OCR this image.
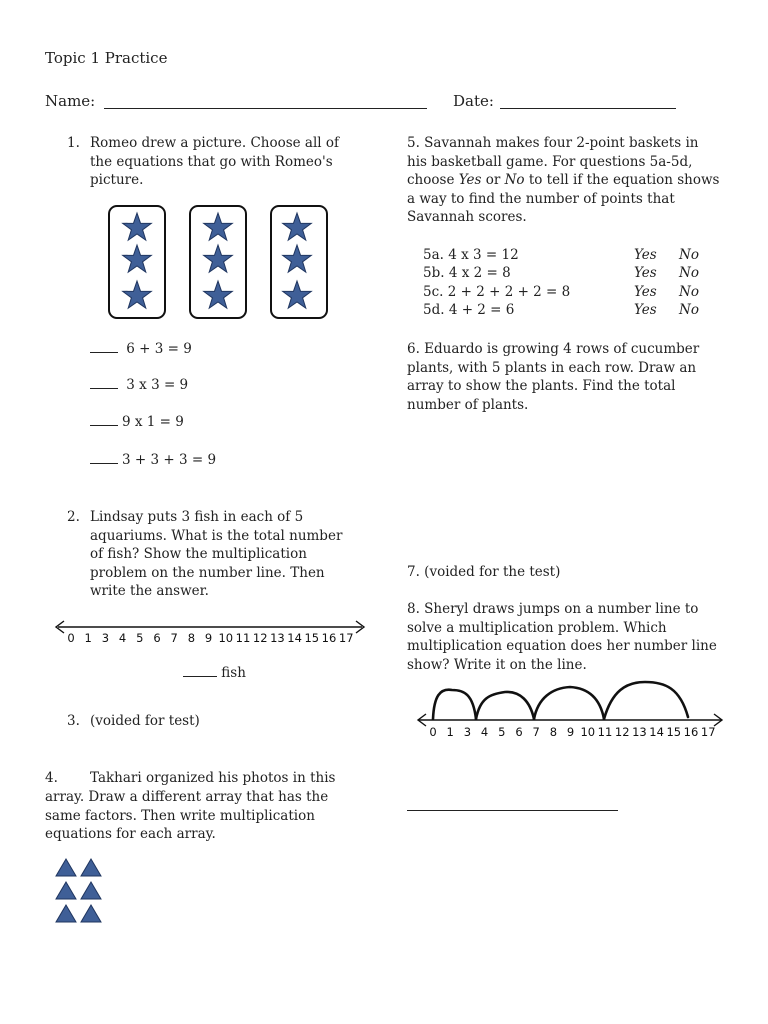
Topic 1 Practice
Name:	Date:
1. Romeo drew a picture. Choose all of
the equations that go with Romeo's
picture.
6 + 3 = 9
3 x 3 = 9
9 x 1 = 9
3 + 3 + 3 = 9
2. Lindsay puts 3 fish in each of 5
aquariums. What is the total number
of fish? Show the multiplication
problem on the number line. Then
write the answer.
0 1 3 4 5 6 7 8 9 10 11 12 13 14 15 16 17
fish
3. (voided for test)
4. Takhari organized his photos in this
array. Draw a different array that has the
same factors. Then write multiplication
equations for each array.
5. Savannah makes four 2-point baskets in
his basketball game. For questions 5a-5d,
choose Yes or No to tell if the equation shows
a way to find the number of points that
Savannah scores.
5a. 4 x 3 = 12	Yes No
5b. 4 x 2 = 8	Yes No
5c. 2 + 2 + 2 + 2 = 8	Yes No
5d. 4 + 2 = 6	Yes No
6. Eduardo is growing 4 rows of cucumber
plants, with 5 plants in each row. Draw an
array to show the plants. Find the total
number of plants.
7. (voided for the test)
8. Sheryl draws jumps on a number line to
solve a multiplication problem. Which
multiplication equation does her number line
show? Write it on the line.
0 1 3 4 5 6 7 8 9 10 11 12 13 14 15 16 17
